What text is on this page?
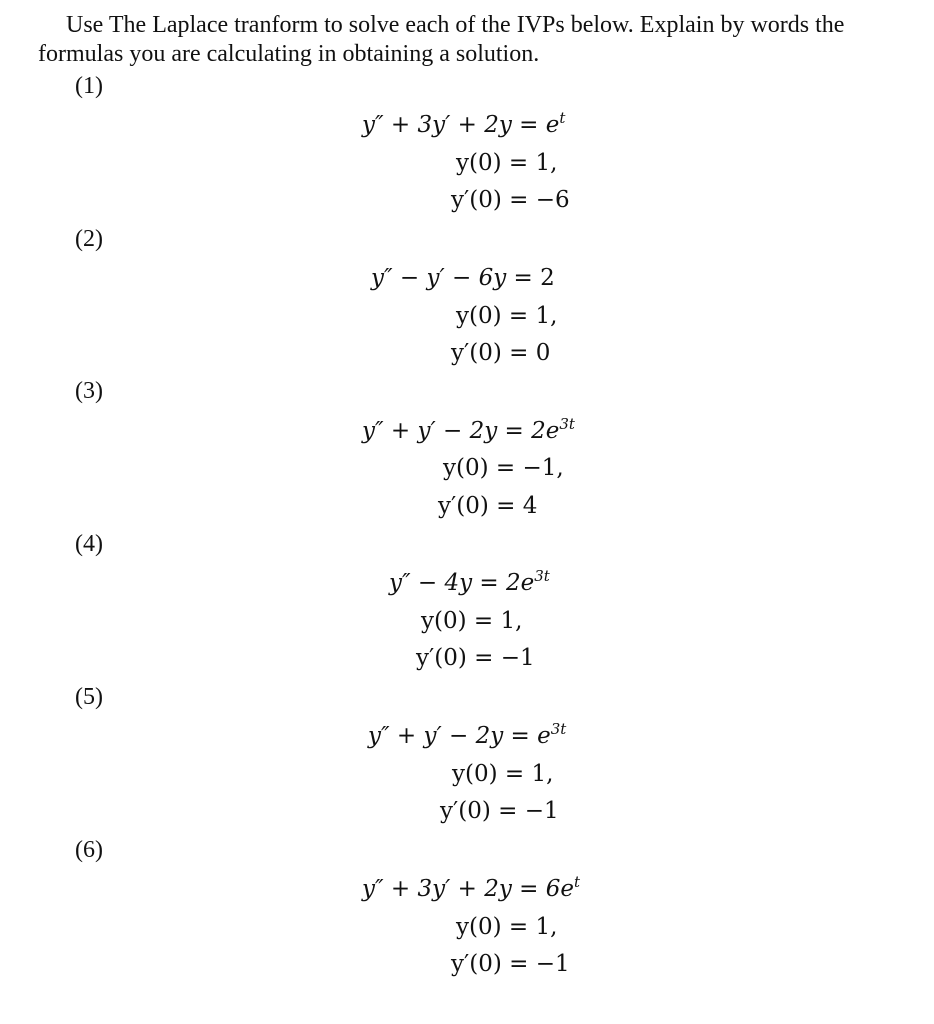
Use The Laplace tranform to solve each of the IVPs below. Explain by words the formulas you are calculating in obtaining a solution.
(1)
$y'' + 3y' + 2y = e^t$
y(0) = 1,
y′(0) = −6
(2)
y″ − y′ − 6y = 2
y(0) = 1,
y′(0) = 0
(3)
$y'' + y' - 2y = 2e^{3t}$
y(0) = −1,
y′(0) = 4
(4)
$y'' - 4y = 2e^{3t}$
y(0) = 1,
y′(0) = −1
(5)
$y'' + y' - 2y = e^{3t}$
y(0) = 1,
y′(0) = −1
(6)
$y'' + 3y' + 2y = 6e^t$
y(0) = 1,
y′(0) = −1
